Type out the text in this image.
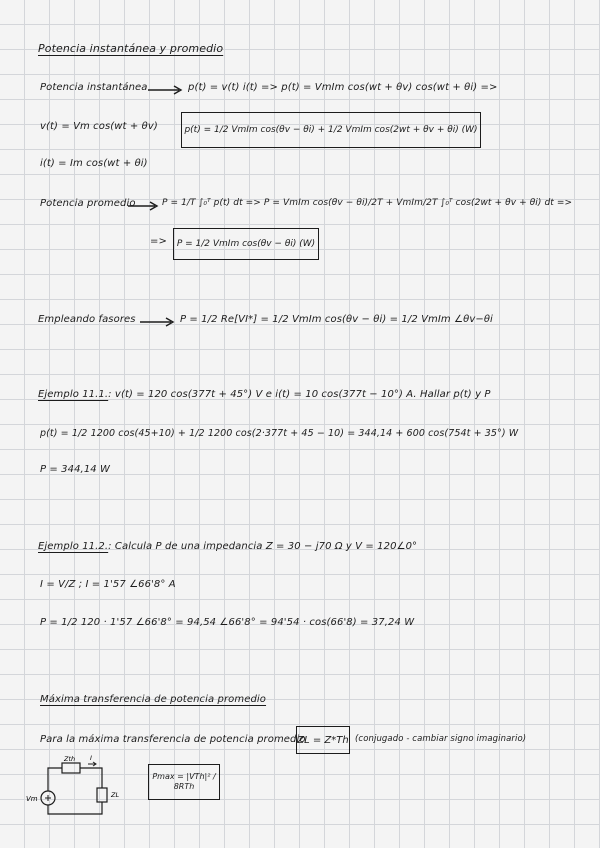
Potencia instantánea y promedio
Potencia instantánea	p(t) = v(t) i(t) => p(t) = VmIm cos(wt + θv) cos(wt + θi) =>
v(t) = Vm cos(wt + θv)	p(t) = 1/2 VmIm cos(θv − θi) + 1/2 VmIm cos(2wt + θv + θi) (W)
i(t) = Im cos(wt + θi)
Potencia promedio	P = 1/T ∫₀ᵀ p(t) dt => P = VmIm cos(θv − θi)/2T + VmIm/2T ∫₀ᵀ cos(2wt + θv + θi) dt =>
=> P = 1/2 VmIm cos(θv − θi) (W)
Empleando fasores	P = 1/2 Re[VI*] = 1/2 VmIm cos(θv − θi) = 1/2 VmIm ∠θv−θi
Ejemplo 11.1.: v(t) = 120 cos(377t + 45°) V e i(t) = 10 cos(377t − 10°) A. Hallar p(t) y P
p(t) = 1/2 1200 cos(45+10) + 1/2 1200 cos(2·377t + 45 − 10) = 344,14 + 600 cos(754t + 35°) W
P = 344,14 W
Ejemplo 11.2.: Calcula P de una impedancia Z = 30 − j70 Ω y V = 120∠0°
I = V/Z ; I = 1'57 ∠66'8° A
P = 1/2 120 · 1'57 ∠66'8° = 94,54 ∠66'8° = 94'54 · cos(66'8) = 37,24 W
Máxima transferencia de potencia promedio
Para la máxima transferencia de potencia promedio
ZL = Z*Th (conjugado - cambiar signo imaginario)
Vm
Zth I
ZL
Pmax = |VTh|² / 8RTh
